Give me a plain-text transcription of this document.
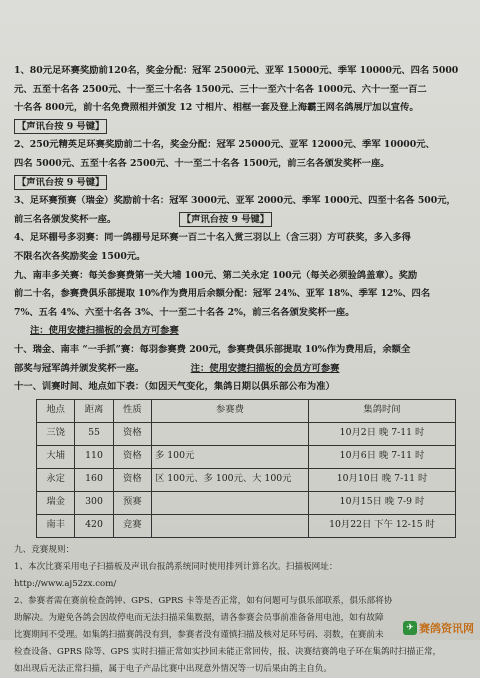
1、80元足环赛奖励前120名，奖金分配：冠军 25000元、亚军 15000元、季军 10000元、四名 5000

元、五至十名各 2500元、十一至三十名各 1500元、三十一至六十名各 1000元、六十一至一百二

十名各 800元，前十名免费照相并颁发 12 寸相片、相框一套及登上海霸王网名鸽展厅加以宣传。

【声讯台按 9 号键】

2、250元精英足环赛奖励前二十名，奖金分配：冠军 25000元、亚军 12000元、季军 10000元、

四名 5000元、五至十名各 2500元、十一至二十名各 1500元，前三名各颁发奖杯一座。

【声讯台按 9 号键】

3、足环赛预赛（瑞金）奖励前十名：冠军 3000元、亚军 2000元、季军 1000元、四至十名各 500元，

前三名各颁发奖杯一座。	【声讯台按 9 号键】

4、足环棚号多羽赛：同一鸽棚号足环赛一百二十名入赏三羽以上（含三羽）方可获奖，多入多得

不限名次各奖励奖金 1500元。

九、南丰多关赛：每关参赛费第一关大埔 100元、第二关永定 100元（每关必须验鸽盖章）。奖励

前二十名，参赛费俱乐部提取 10%作为费用后余额分配：冠军 24%、亚军 18%、季军 12%、四名

7%、五名 4%、六至十名各 3%、十一至二十名各 2%，前三名各颁发奖杯一座。

注：使用安捷扫描板的会员方可参赛

十、瑞金、南丰 “一手抓”赛：每羽参赛费 200元，参赛费俱乐部提取 10%作为费用后，余额全

部奖与冠军鸽并颁发奖杯一座。	注：使用安捷扫描板的会员方可参赛

十一、训赛时间、地点如下表：（如因天气变化，集鸽日期以俱乐部公布为准）

地点	距离	性质	参赛费	集鸽时间
三饶	55	资格		10月2日 晚 7-11 时
大埔	110	资格	多 100元	10月6日 晚 7-11 时
永定	160	资格	区 100元、多 100元、大 100元	10月10日 晚 7-11 时
瑞金	300	预赛		10月15日 晚 7-9 时
南丰	420	竞赛		10月22日 下午 12-15 时

九、竞赛规则：

1、本次比赛采用电子扫描板及声讯台报鸽系统同时使用排列计算名次。扫描板网址：

http://www.aj52zx.com/

2、参赛者需在赛前检查鸽钟、GPS、GPRS 卡等是否正常，如有问题可与俱乐部联系，俱乐部将协

助解决。为避免各鸽会因故停电而无法扫描采集数据，请各参赛会员事前准备备用电池，如有故障

比赛期间不受理。如集鸽扫描赛鸽没有到，参赛者没有谨慎扫描及核对足环号码、羽数，在赛前未

检查设备、GPRS 除等、GPS 实时扫描正常如实抄回未能正常回传，报、决赛结赛鸽电子环在集鸽时扫描正常，

如出现后无法正常扫描，属于电子产品比赛中出现意外情况等一切后果由鸽主自负。

✈ 赛鸽资讯网
